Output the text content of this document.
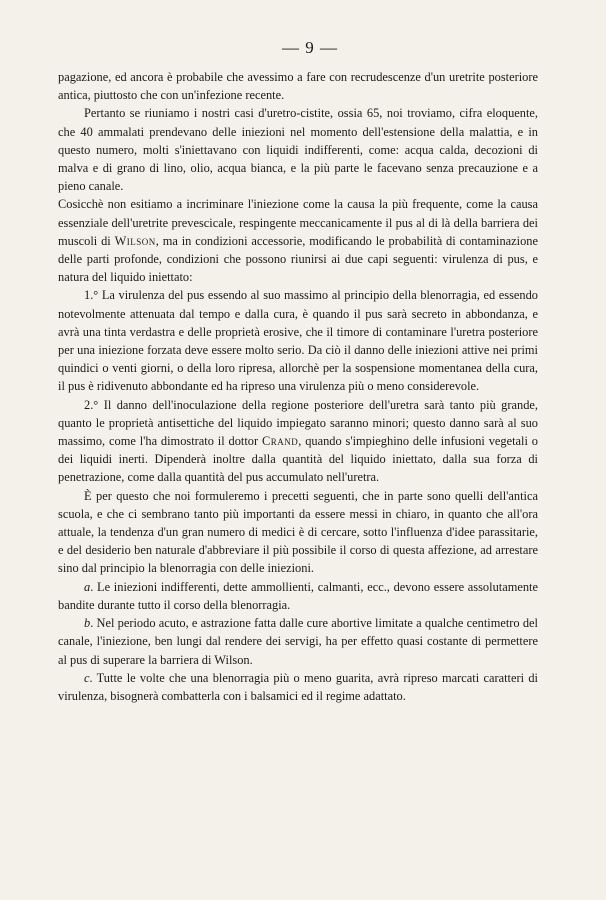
— 9 —

pagazione, ed ancora è probabile che avessimo a fare con recrudescenze d'un uretrite posteriore antica, piuttosto che con un'infezione recente.

Pertanto se riuniamo i nostri casi d'uretro-cistite, ossia 65, noi troviamo, cifra eloquente, che 40 ammalati prendevano delle iniezioni nel momento dell'estensione della malattia, e in questo numero, molti s'iniettavano con liquidi indifferenti, come: acqua calda, decozioni di malva e di grano di lino, olio, acqua bianca, e la più parte le facevano senza precauzione e a pieno canale.

Cosicchè non esitiamo a incriminare l'iniezione come la causa la più frequente, come la causa essenziale dell'uretrite prevescicale, respingente meccanicamente il pus al di là della barriera dei muscoli di Wilson, ma in condizioni accessorie, modificando le probabilità di contaminazione delle parti profonde, condizioni che possono riunirsi ai due capi seguenti: virulenza di pus, e natura del liquido iniettato:

1.° La virulenza del pus essendo al suo massimo al principio della blenorragia, ed essendo notevolmente attenuata dal tempo e dalla cura, è quando il pus sarà secreto in abbondanza, e avrà una tinta verdastra e delle proprietà erosive, che il timore di contaminare l'uretra posteriore per una iniezione forzata deve essere molto serio. Da ciò il danno delle iniezioni attive nei primi quindici o venti giorni, o della loro ripresa, allorchè per la sospensione momentanea della cura, il pus è ridivenuto abbondante ed ha ripreso una virulenza più o meno considerevole.

2.° Il danno dell'inoculazione della regione posteriore dell'uretra sarà tanto più grande, quanto le proprietà antisettiche del liquido impiegato saranno minori; questo danno sarà al suo massimo, come l'ha dimostrato il dottor Crand, quando s'impieghino delle infusioni vegetali o dei liquidi inerti. Dipenderà inoltre dalla quantità del liquido iniettato, dalla sua forza di penetrazione, come dalla quantità del pus accumulato nell'uretra.

È per questo che noi formuleremo i precetti seguenti, che in parte sono quelli dell'antica scuola, e che ci sembrano tanto più importanti da essere messi in chiaro, in quanto che all'ora attuale, la tendenza d'un gran numero di medici è di cercare, sotto l'influenza d'idee parassitarie, e del desiderio ben naturale d'abbreviare il più possibile il corso di questa affezione, ad arrestare sino dal principio la blenorragia con delle iniezioni.

a. Le iniezioni indifferenti, dette ammollienti, calmanti, ecc., devono essere assolutamente bandite durante tutto il corso della blenorragia.

b. Nel periodo acuto, e astrazione fatta dalle cure abortive limitate a qualche centimetro del canale, l'iniezione, ben lungi dal rendere dei servigi, ha per effetto quasi costante di permettere al pus di superare la barriera di Wilson.

c. Tutte le volte che una blenorragia più o meno guarita, avrà ripreso marcati caratteri di virulenza, bisognerà combatterla con i balsamici ed il regime adattato.
